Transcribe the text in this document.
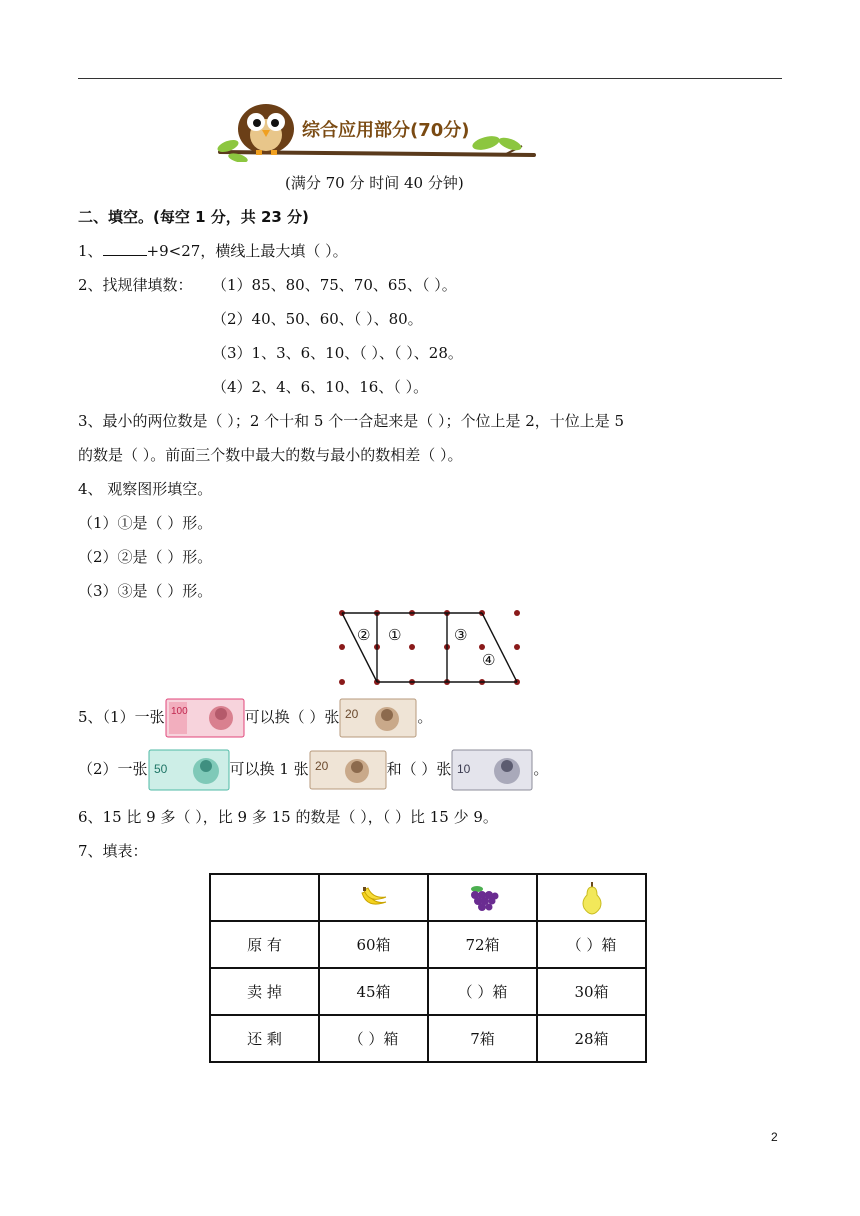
综合应用部分(70分)
(满分 70 分 时间 40 分钟)
二、填空。(每空 1 分，共 23 分)
1、	+9<27，横线上最大填（ ）。
2、找规律填数： （1）85、80、75、70、65、（ ）。
（2）40、50、60、（ ）、80。
（3）1、3、6、10、（ ）、（ ）、28。
（4）2、4、6、10、16、（ ）。
3、最小的两位数是（ ）；2 个十和 5 个一合起来是（ ）；个位上是 2，十位上是 5
的数是（ ）。前面三个数中最大的数与最小的数相差（ ）。
4、 观察图形填空。
（1）①是（ ）形。
（2）②是（ ）形。
（3）③是（ ）形。
② ①	③
④
5、（1）一张 100	可以换（ ）张 20	。
（2）一张 50	可以换 1 张 20	和（ ）张 10	。
6、15 比 9 多（ ），比 9 多 15 的数是（ ），（ ）比 15 少 9。
7、填表：

原 有	60箱	72箱	（ ）箱
卖 掉	45箱	（ ）箱	30箱
还 剩	（ ）箱	7箱	28箱
2
